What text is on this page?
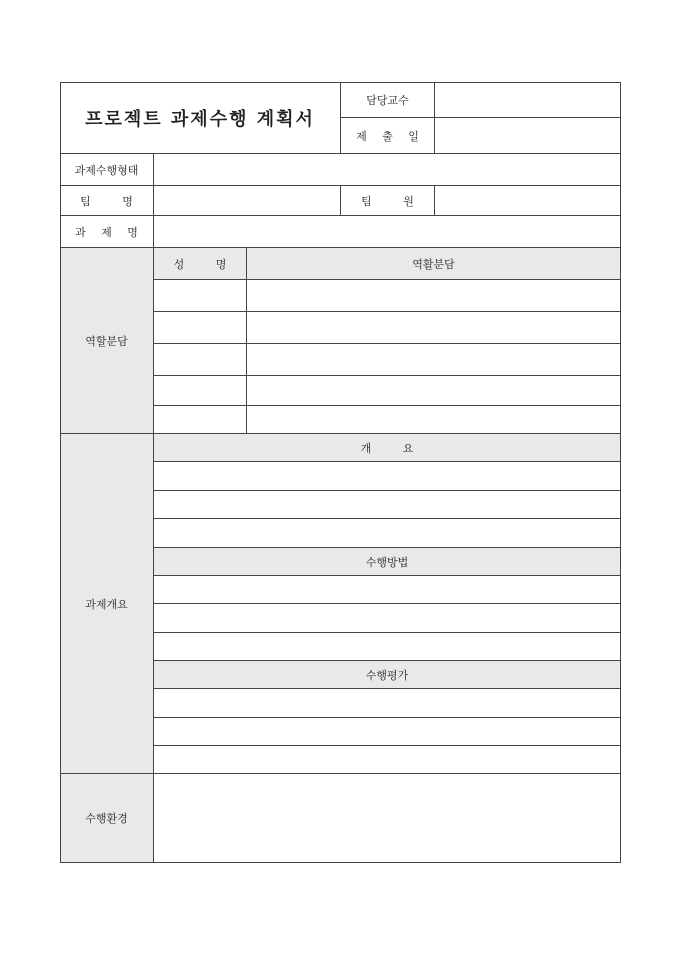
프로젝트 과제수행 계획서
담당교수
제 출 일
과제수행형태
팀 명	팀 원
과 제 명
역할분담
성 명	역활분담
과제개요
개 요
수행방법
수행평가
수행환경
